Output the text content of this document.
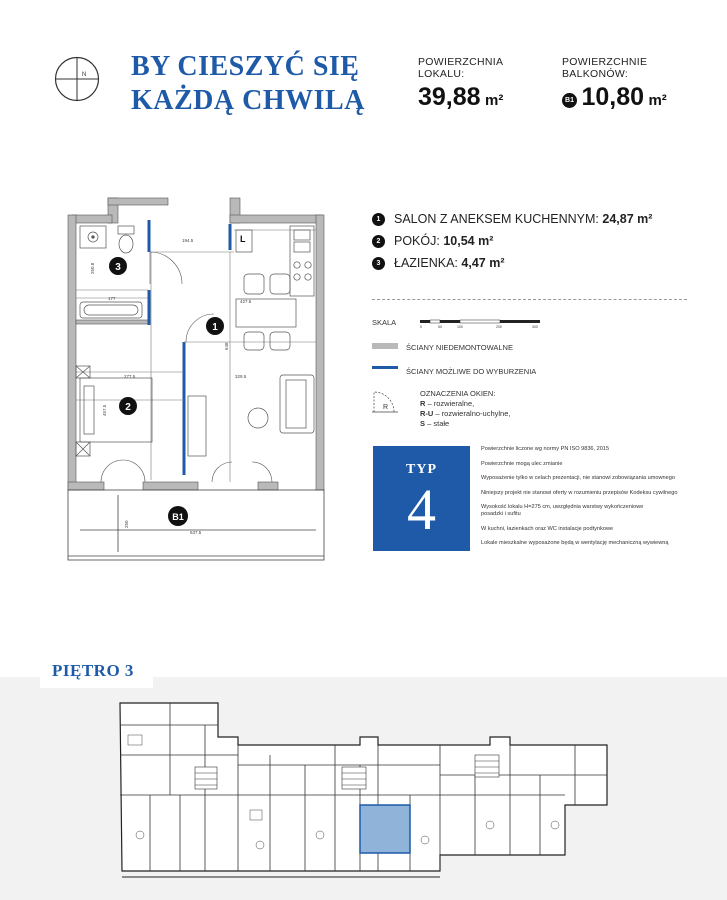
N BY CIESZYĆ SIĘ
KAŻDĄ CHWILĄ
POWIERZCHNIA
LOKALU:
39,88 m²
POWIERZCHNIE
BALKONÓW:
B1 10,80 m²
3
1
2
B1
L
194.5
427.5
177
277.5	329.5
648
457.5
250.8
637.5
250
1 SALON Z ANEKSEM KUCHENNYM: 24,87 m²
2 POKÓJ: 10,54 m²
3 ŁAZIENKA: 4,47 m²
SKALA	0	50	100	200	300
ŚCIANY NIEDEMONTOWALNE
ŚCIANY MOŻLIWE DO WYBURZENIA
R
OZNACZENIA OKIEN:
R – rozwieralne,
R-U – rozwieralno-uchylne,
S – stałe
TYP
4
Powierzchnie liczone wg normy PN ISO 9836, 2015
Powierzchnie mogą ulec zmianie
Wyposażenie tylko w celach prezentacji, nie stanowi zobowiązania umownego
Niniejszy projekt nie stanowi oferty w rozumieniu przepisów Kodeksu cywilnego
Wysokość lokalu H=275 cm, uwzględnia warstwy wykończeniowe posadzki i sufitu
W kuchni, łazienkach oraz WC instalacje podtynkowe
Lokale mieszkalne wyposażone będą w wentylację mechaniczną wywiewną
PIĘTRO 3
